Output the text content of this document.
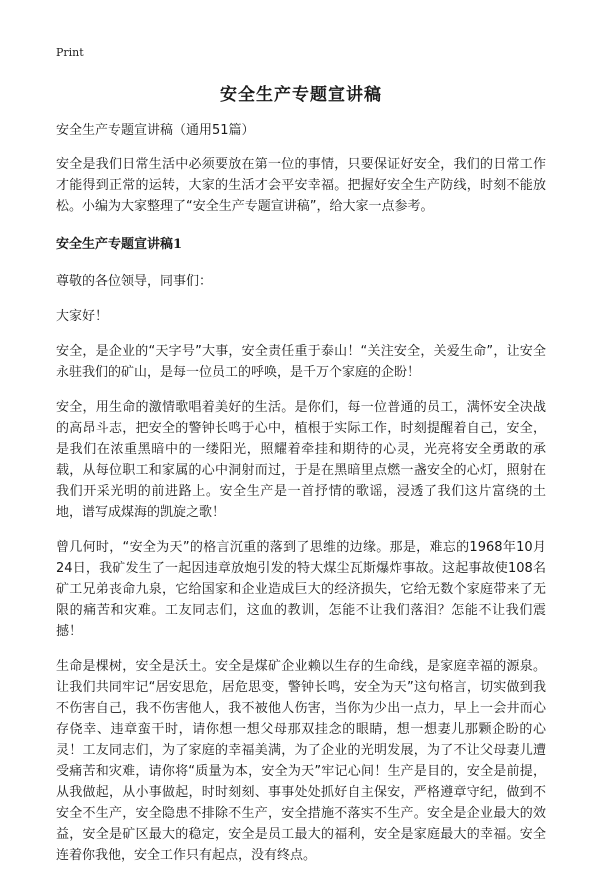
Print
安全生产专题宣讲稿

安全生产专题宣讲稿（通用51篇）

安全是我们日常生活中必须要放在第一位的事情，只要保证好安全，我们的日常工作才能得到正常的运转，大家的生活才会平安幸福。把握好安全生产防线，时刻不能放松。小编为大家整理了“安全生产专题宣讲稿”，给大家一点参考。

安全生产专题宣讲稿1

尊敬的各位领导，同事们：

大家好！

安全，是企业的“天字号”大事，安全责任重于泰山！“关注安全，关爱生命”，让安全永驻我们的矿山，是每一位员工的呼唤，是千万个家庭的企盼！

安全，用生命的激情歌唱着美好的生活。是你们，每一位普通的员工，满怀安全决战的高昂斗志，把安全的警钟长鸣于心中，植根于实际工作，时刻提醒着自己，安全，是我们在浓重黑暗中的一缕阳光，照耀着牵挂和期待的心灵，光亮将安全勇敢的承载，从每位职工和家属的心中洞射而过，于是在黑暗里点燃一盏安全的心灯，照射在我们开采光明的前进路上。安全生产是一首抒情的歌谣，浸透了我们这片富绕的土地，谱写成煤海的凯旋之歌！

曾几何时，“安全为天”的格言沉重的落到了思维的边缘。那是，难忘的1968年10月24日，我矿发生了一起因违章放炮引发的特大煤尘瓦斯爆炸事故。这起事故使108名矿工兄弟丧命九泉，它给国家和企业造成巨大的经济损失，它给无数个家庭带来了无限的痛苦和灾难。工友同志们，这血的教训，怎能不让我们落泪？怎能不让我们震撼！

生命是棵树，安全是沃土。安全是煤矿企业赖以生存的生命线，是家庭幸福的源泉。让我们共同牢记“居安思危，居危思变，警钟长鸣，安全为天”这句格言，切实做到我不伤害自己，我不伤害他人，我不被他人伤害，当你为少出一点力，早上一会井而心存侥幸、违章蛮干时，请你想一想父母那双挂念的眼睛，想一想妻儿那颗企盼的心灵！工友同志们，为了家庭的幸福美满，为了企业的光明发展，为了不让父母妻儿遭受痛苦和灾难，请你将“质量为本，安全为天”牢记心间！生产是目的，安全是前提，从我做起，从小事做起，时时刻刻、事事处处抓好自主保安，严格遵章守纪，做到不安全不生产，安全隐患不排除不生产，安全措施不落实不生产。安全是企业最大的效益，安全是矿区最大的稳定，安全是员工最大的福利，安全是家庭最大的幸福。安全连着你我他，安全工作只有起点，没有终点。
